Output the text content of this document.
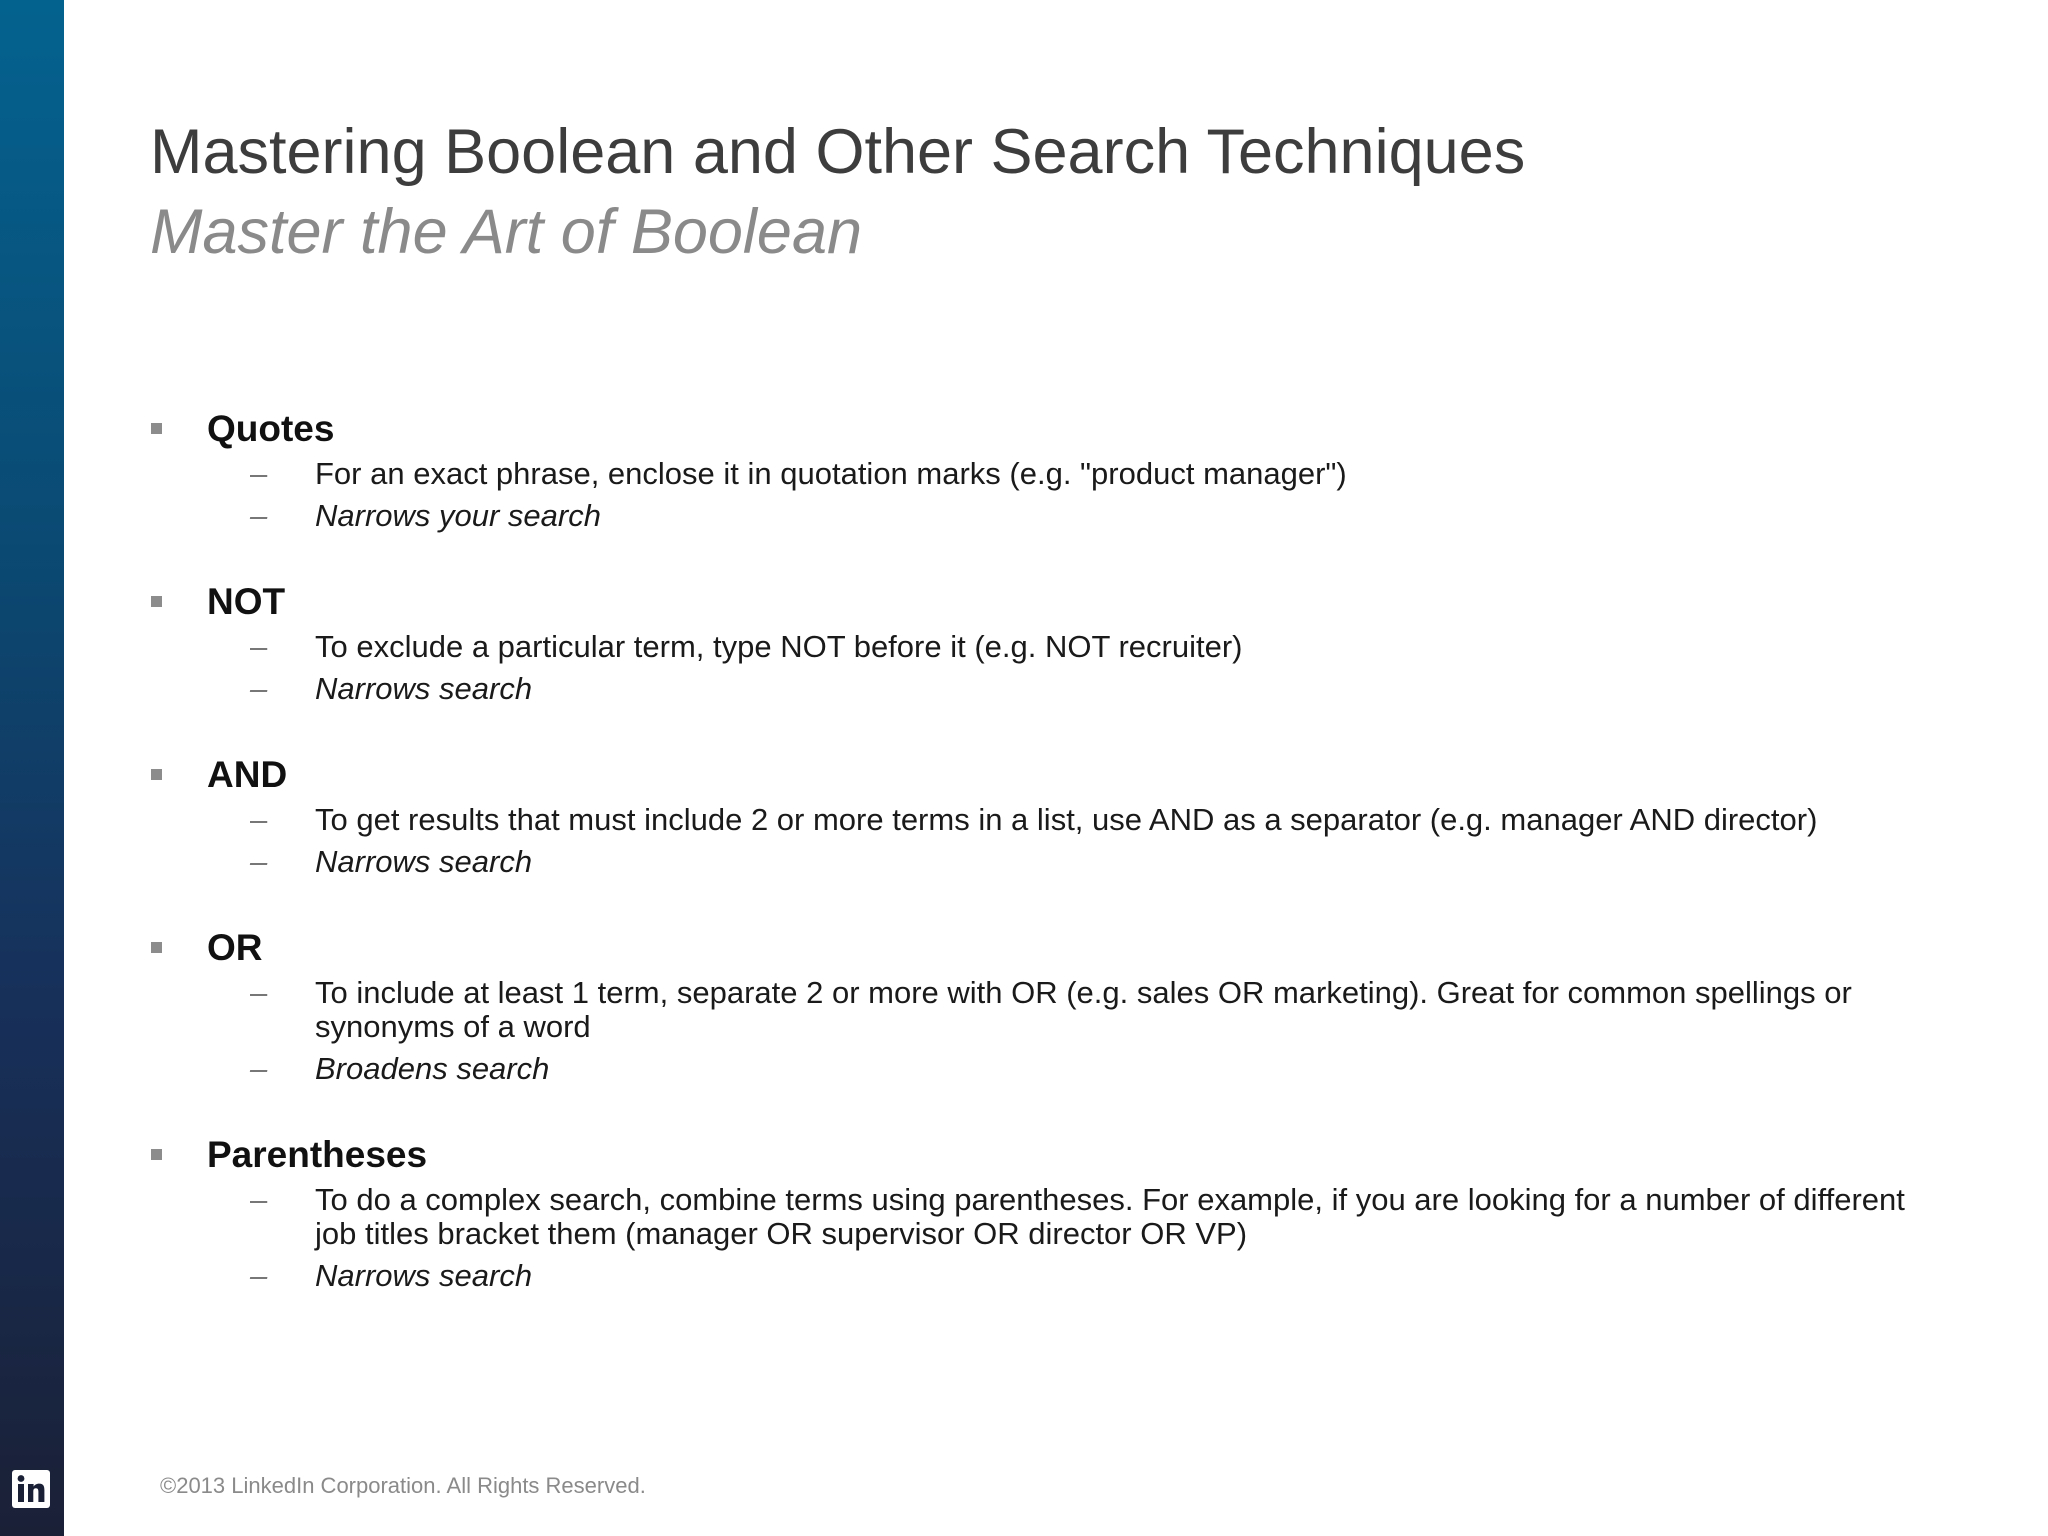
Mastering Boolean and Other Search Techniques
Master the Art of Boolean
Quotes
– For an exact phrase, enclose it in quotation marks (e.g. "product manager")
– Narrows your search
NOT
– To exclude a particular term, type NOT before it (e.g. NOT recruiter)
– Narrows search
AND
– To get results that must include 2 or more terms in a list, use AND as a separator (e.g. manager AND director)
– Narrows search
OR
– To include at least 1 term, separate 2 or more with OR (e.g. sales OR marketing). Great for common spellings or synonyms of a word
– Broadens search
Parentheses
– To do a complex search, combine terms using parentheses. For example, if you are looking for a number of different job titles bracket them (manager OR supervisor OR director OR VP)
– Narrows search
©2013 LinkedIn Corporation. All Rights Reserved.
